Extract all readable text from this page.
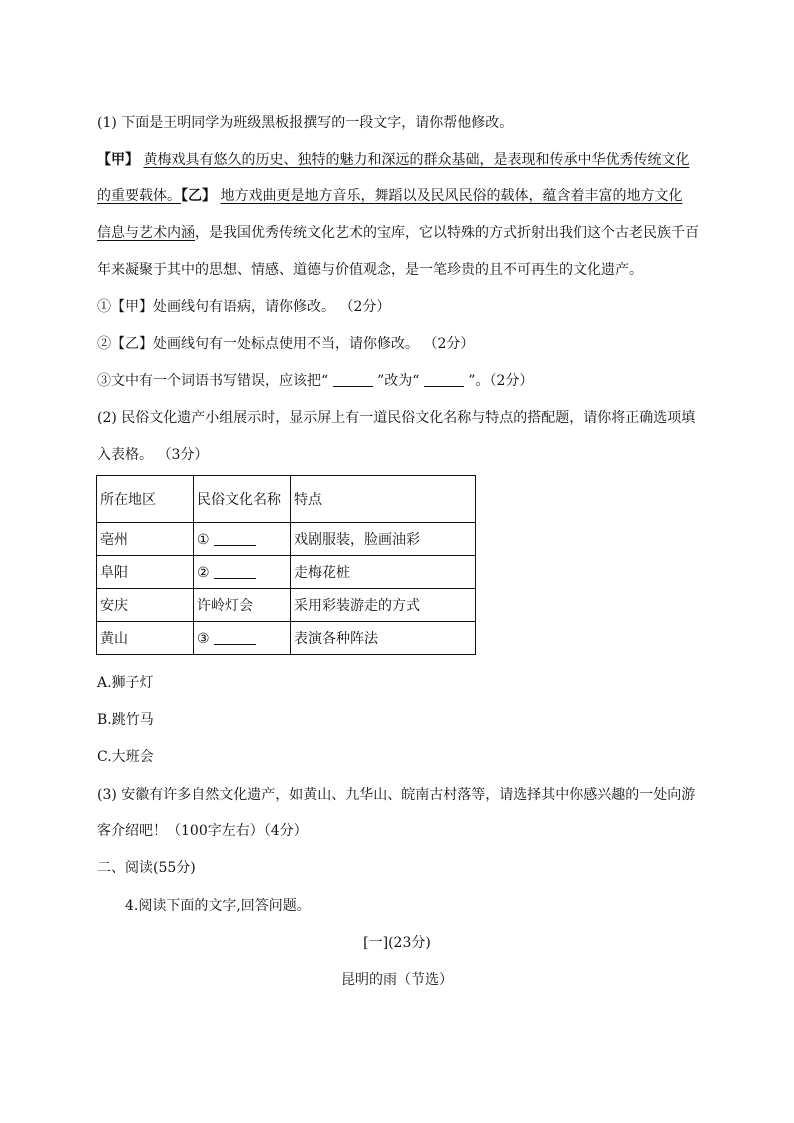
(1) 下面是王明同学为班级黑板报撰写的一段文字，请你帮他修改。
【甲】 黄梅戏具有悠久的历史、独特的魅力和深远的群众基础，是表现和传承中华优秀传统文化
的重要载体。【乙】 地方戏曲更是地方音乐，舞蹈以及民风民俗的载体，蕴含着丰富的地方文化
信息与艺术内涵，是我国优秀传统文化艺术的宝库，它以特殊的方式折射出我们这个古老民族千百
年来凝聚于其中的思想、情感、道德与价值观念，是一笔珍贵的且不可再生的文化遗产。
①【甲】处画线句有语病，请你修改。 （2分）
②【乙】处画线句有一处标点使用不当，请你修改。 （2分）
③文中有一个词语书写错误，应该把“	”改为“	”。（2分）
(2) 民俗文化遗产小组展示时，显示屏上有一道民俗文化名称与特点的搭配题，请你将正确选项填
入表格。 （3分）
所在地区	民俗文化名称	特点
亳州	①	戏剧服装，脸画油彩
阜阳	②	走梅花桩
安庆	许岭灯会	采用彩装游走的方式
黄山	③	表演各种阵法
A.狮子灯
B.跳竹马
C.大班会
(3) 安徽有许多自然文化遗产，如黄山、九华山、皖南古村落等，请选择其中你感兴趣的一处向游
客介绍吧！（100字左右）（4分）
二、阅读(55分)
4.阅读下面的文字,回答问题。
[一](23分)
昆明的雨（节选）
